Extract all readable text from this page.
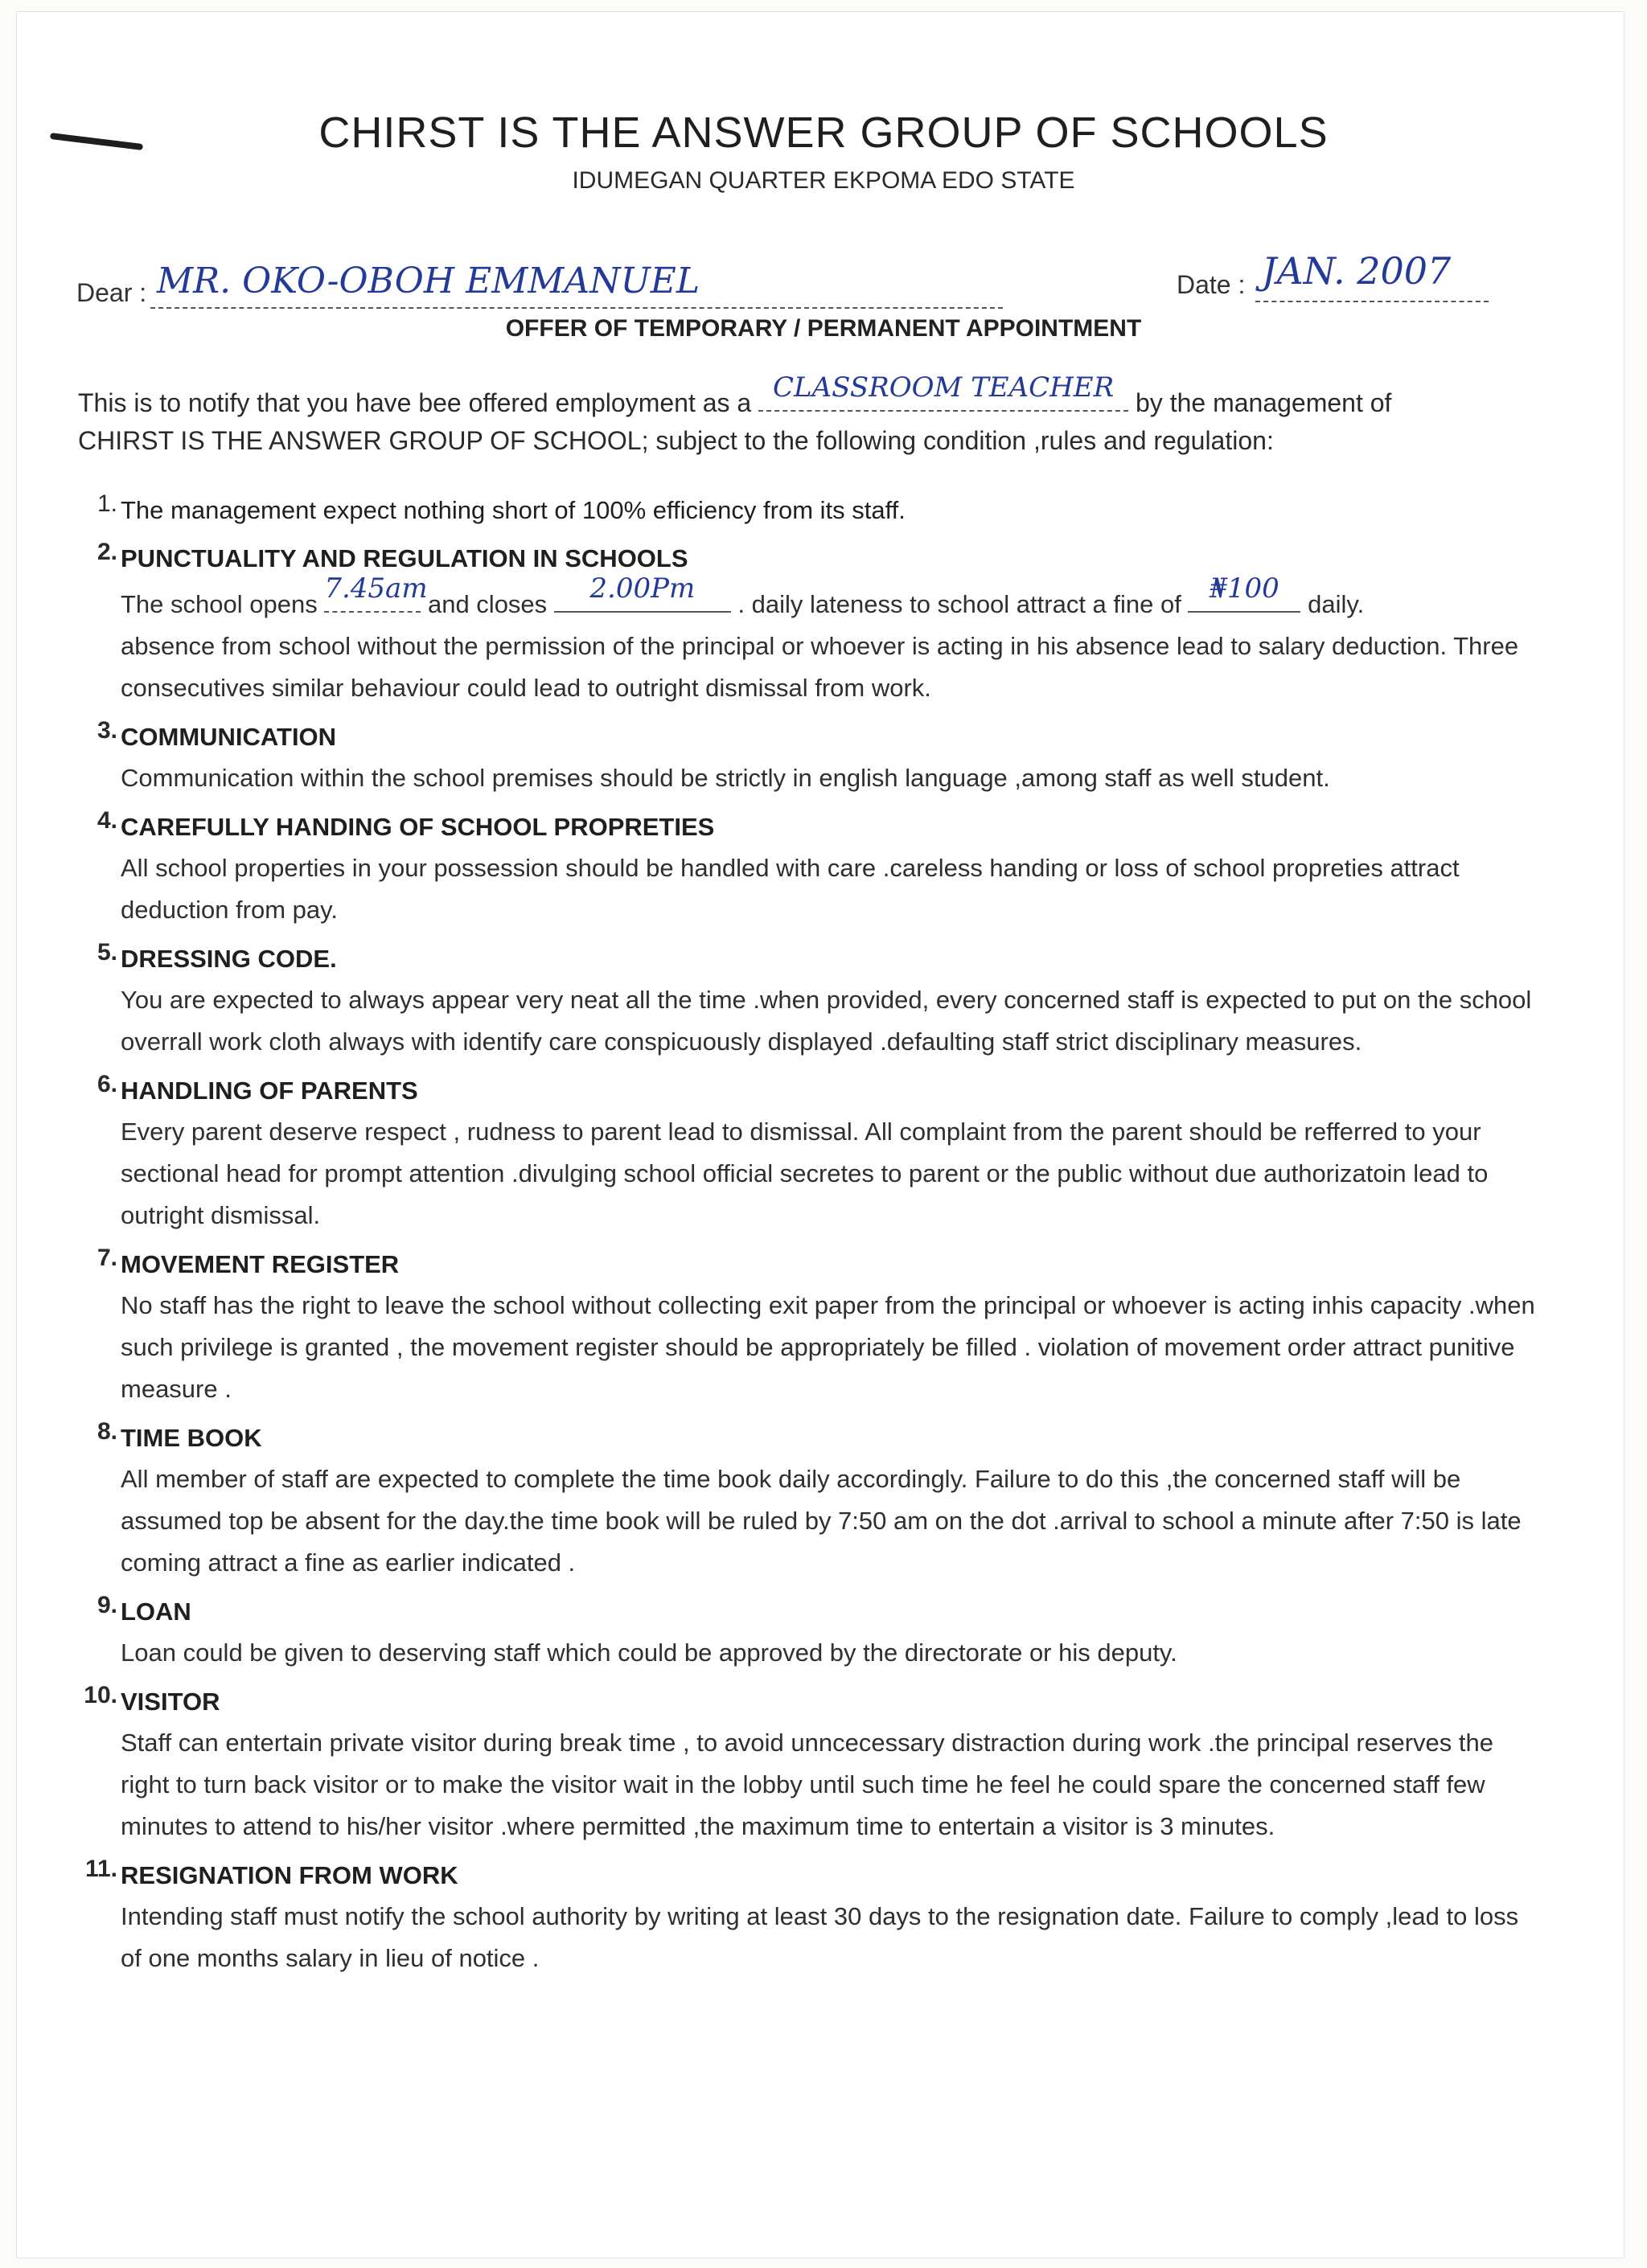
CHIRST IS THE ANSWER GROUP OF SCHOOLS
IDUMEGAN QUARTER EKPOMA EDO STATE
Dear : MR. OKO-OBOH EMMANUEL	Date : JAN. 2007
OFFER OF TEMPORARY / PERMANENT APPOINTMENT
This is to notify that you have bee offered employment as a CLASSROOM TEACHER by the management of
CHIRST IS THE ANSWER GROUP OF SCHOOL; subject to the following condition ,rules and regulation:
1. The management expect nothing short of 100% efficiency from its staff.
2. PUNCTUALITY AND REGULATION IN SCHOOLS
The school opens 7.45am and closes	2.00Pm	. daily lateness to school attract a fine of	₦100	daily.
absence from school without the permission of the principal or whoever is acting in his absence lead to salary deduction. Three consecutives similar behaviour could lead to outright dismissal from work.
3. COMMUNICATION
Communication within the school premises should be strictly in english language ,among staff as well student.
4. CAREFULLY HANDING OF SCHOOL PROPRETIES
All school properties in your possession should be handled with care .careless handing or loss of school propreties attract deduction from pay.
5. DRESSING CODE.
You are expected to always appear very neat all the time .when provided, every concerned staff is expected to put on the school overrall work cloth always with identify care conspicuously displayed .defaulting staff strict disciplinary measures.
6. HANDLING OF PARENTS
Every parent deserve respect , rudness to parent lead to dismissal. All complaint from the parent should be refferred to your sectional head for prompt attention .divulging school official secretes to parent or the public without due authorizatoin lead to outright dismissal.
7. MOVEMENT REGISTER
No staff has the right to leave the school without collecting exit paper from the principal or whoever is acting inhis capacity .when such privilege is granted , the movement register should be appropriately be filled . violation of movement order attract punitive measure .
8. TIME BOOK
All member of staff are expected to complete the time book daily accordingly. Failure to do this ,the concerned staff will be assumed top be absent for the day.the time book will be ruled by 7:50 am on the dot .arrival to school a minute after 7:50 is late coming attract a fine as earlier indicated .
9. LOAN
Loan could be given to deserving staff which could be approved by the directorate or his deputy.
10. VISITOR
Staff can entertain private visitor during break time , to avoid unncecessary distraction during work .the principal reserves the right to turn back visitor or to make the visitor wait in the lobby until such time he feel he could spare the concerned staff few minutes to attend to his/her visitor .where permitted ,the maximum time to entertain a visitor is 3 minutes.
11. RESIGNATION FROM WORK
Intending staff must notify the school authority by writing at least 30 days to the resignation date. Failure to comply ,lead to loss of one months salary in lieu of notice .
